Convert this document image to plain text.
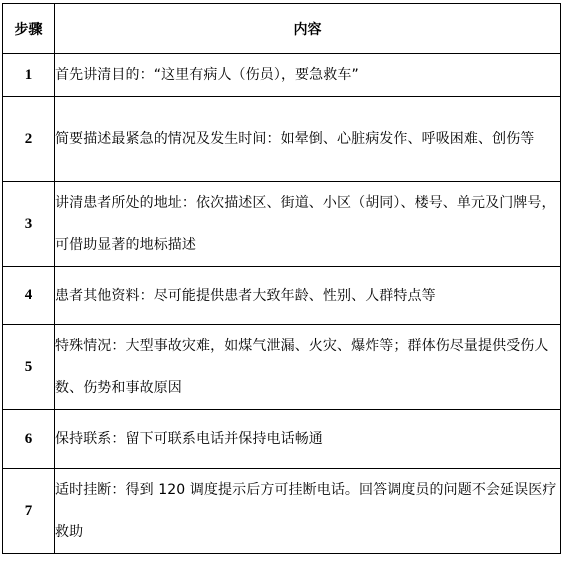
步骤	内容
1	首先讲清目的：“这里有病人（伤员），要急救车”
2	简要描述最紧急的情况及发生时间：如晕倒、心脏病发作、呼吸困难、创伤等
3	讲清患者所处的地址：依次描述区、街道、小区（胡同）、楼号、单元及门牌号，可借助显著的地标描述
4	患者其他资料：尽可能提供患者大致年龄、性别、人群特点等
5	特殊情况：大型事故灾难，如煤气泄漏、火灾、爆炸等；群体伤尽量提供受伤人数、伤势和事故原因
6	保持联系：留下可联系电话并保持电话畅通
7	适时挂断：得到 120 调度提示后方可挂断电话。回答调度员的问题不会延误医疗救助
